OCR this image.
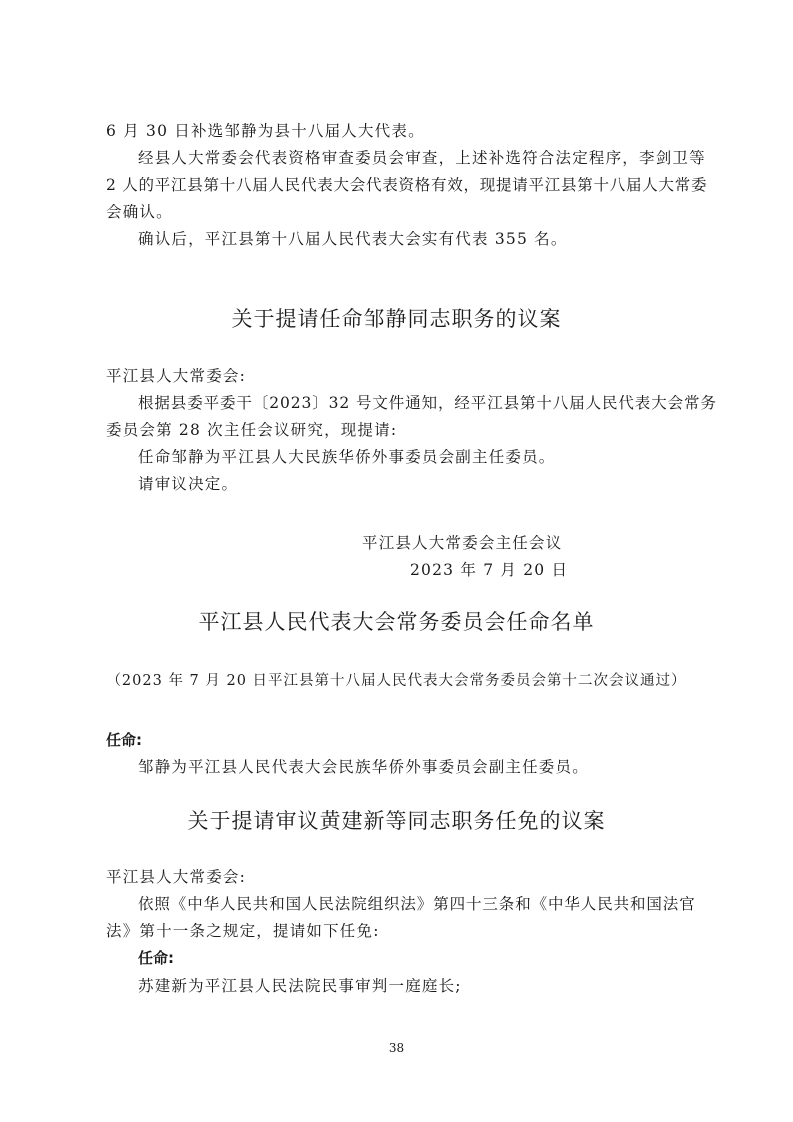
6 月 30 日补选邹静为县十八届人大代表。
经县人大常委会代表资格审查委员会审查，上述补选符合法定程序，李剑卫等
2 人的平江县第十八届人民代表大会代表资格有效，现提请平江县第十八届人大常委
会确认。
确认后，平江县第十八届人民代表大会实有代表 355 名。
关于提请任命邹静同志职务的议案
平江县人大常委会:
根据县委平委干〔2023〕32 号文件通知，经平江县第十八届人民代表大会常务
委员会第 28 次主任会议研究，现提请:
任命邹静为平江县人大民族华侨外事委员会副主任委员。
请审议决定。
平江县人大常委会主任会议
2023 年 7 月 20 日
平江县人民代表大会常务委员会任命名单
（2023 年 7 月 20 日平江县第十八届人民代表大会常务委员会第十二次会议通过）
任命:
邹静为平江县人民代表大会民族华侨外事委员会副主任委员。
关于提请审议黄建新等同志职务任免的议案
平江县人大常委会:
依照《中华人民共和国人民法院组织法》第四十三条和《中华人民共和国法官
法》第十一条之规定，提请如下任免:
任命:
苏建新为平江县人民法院民事审判一庭庭长;
38
